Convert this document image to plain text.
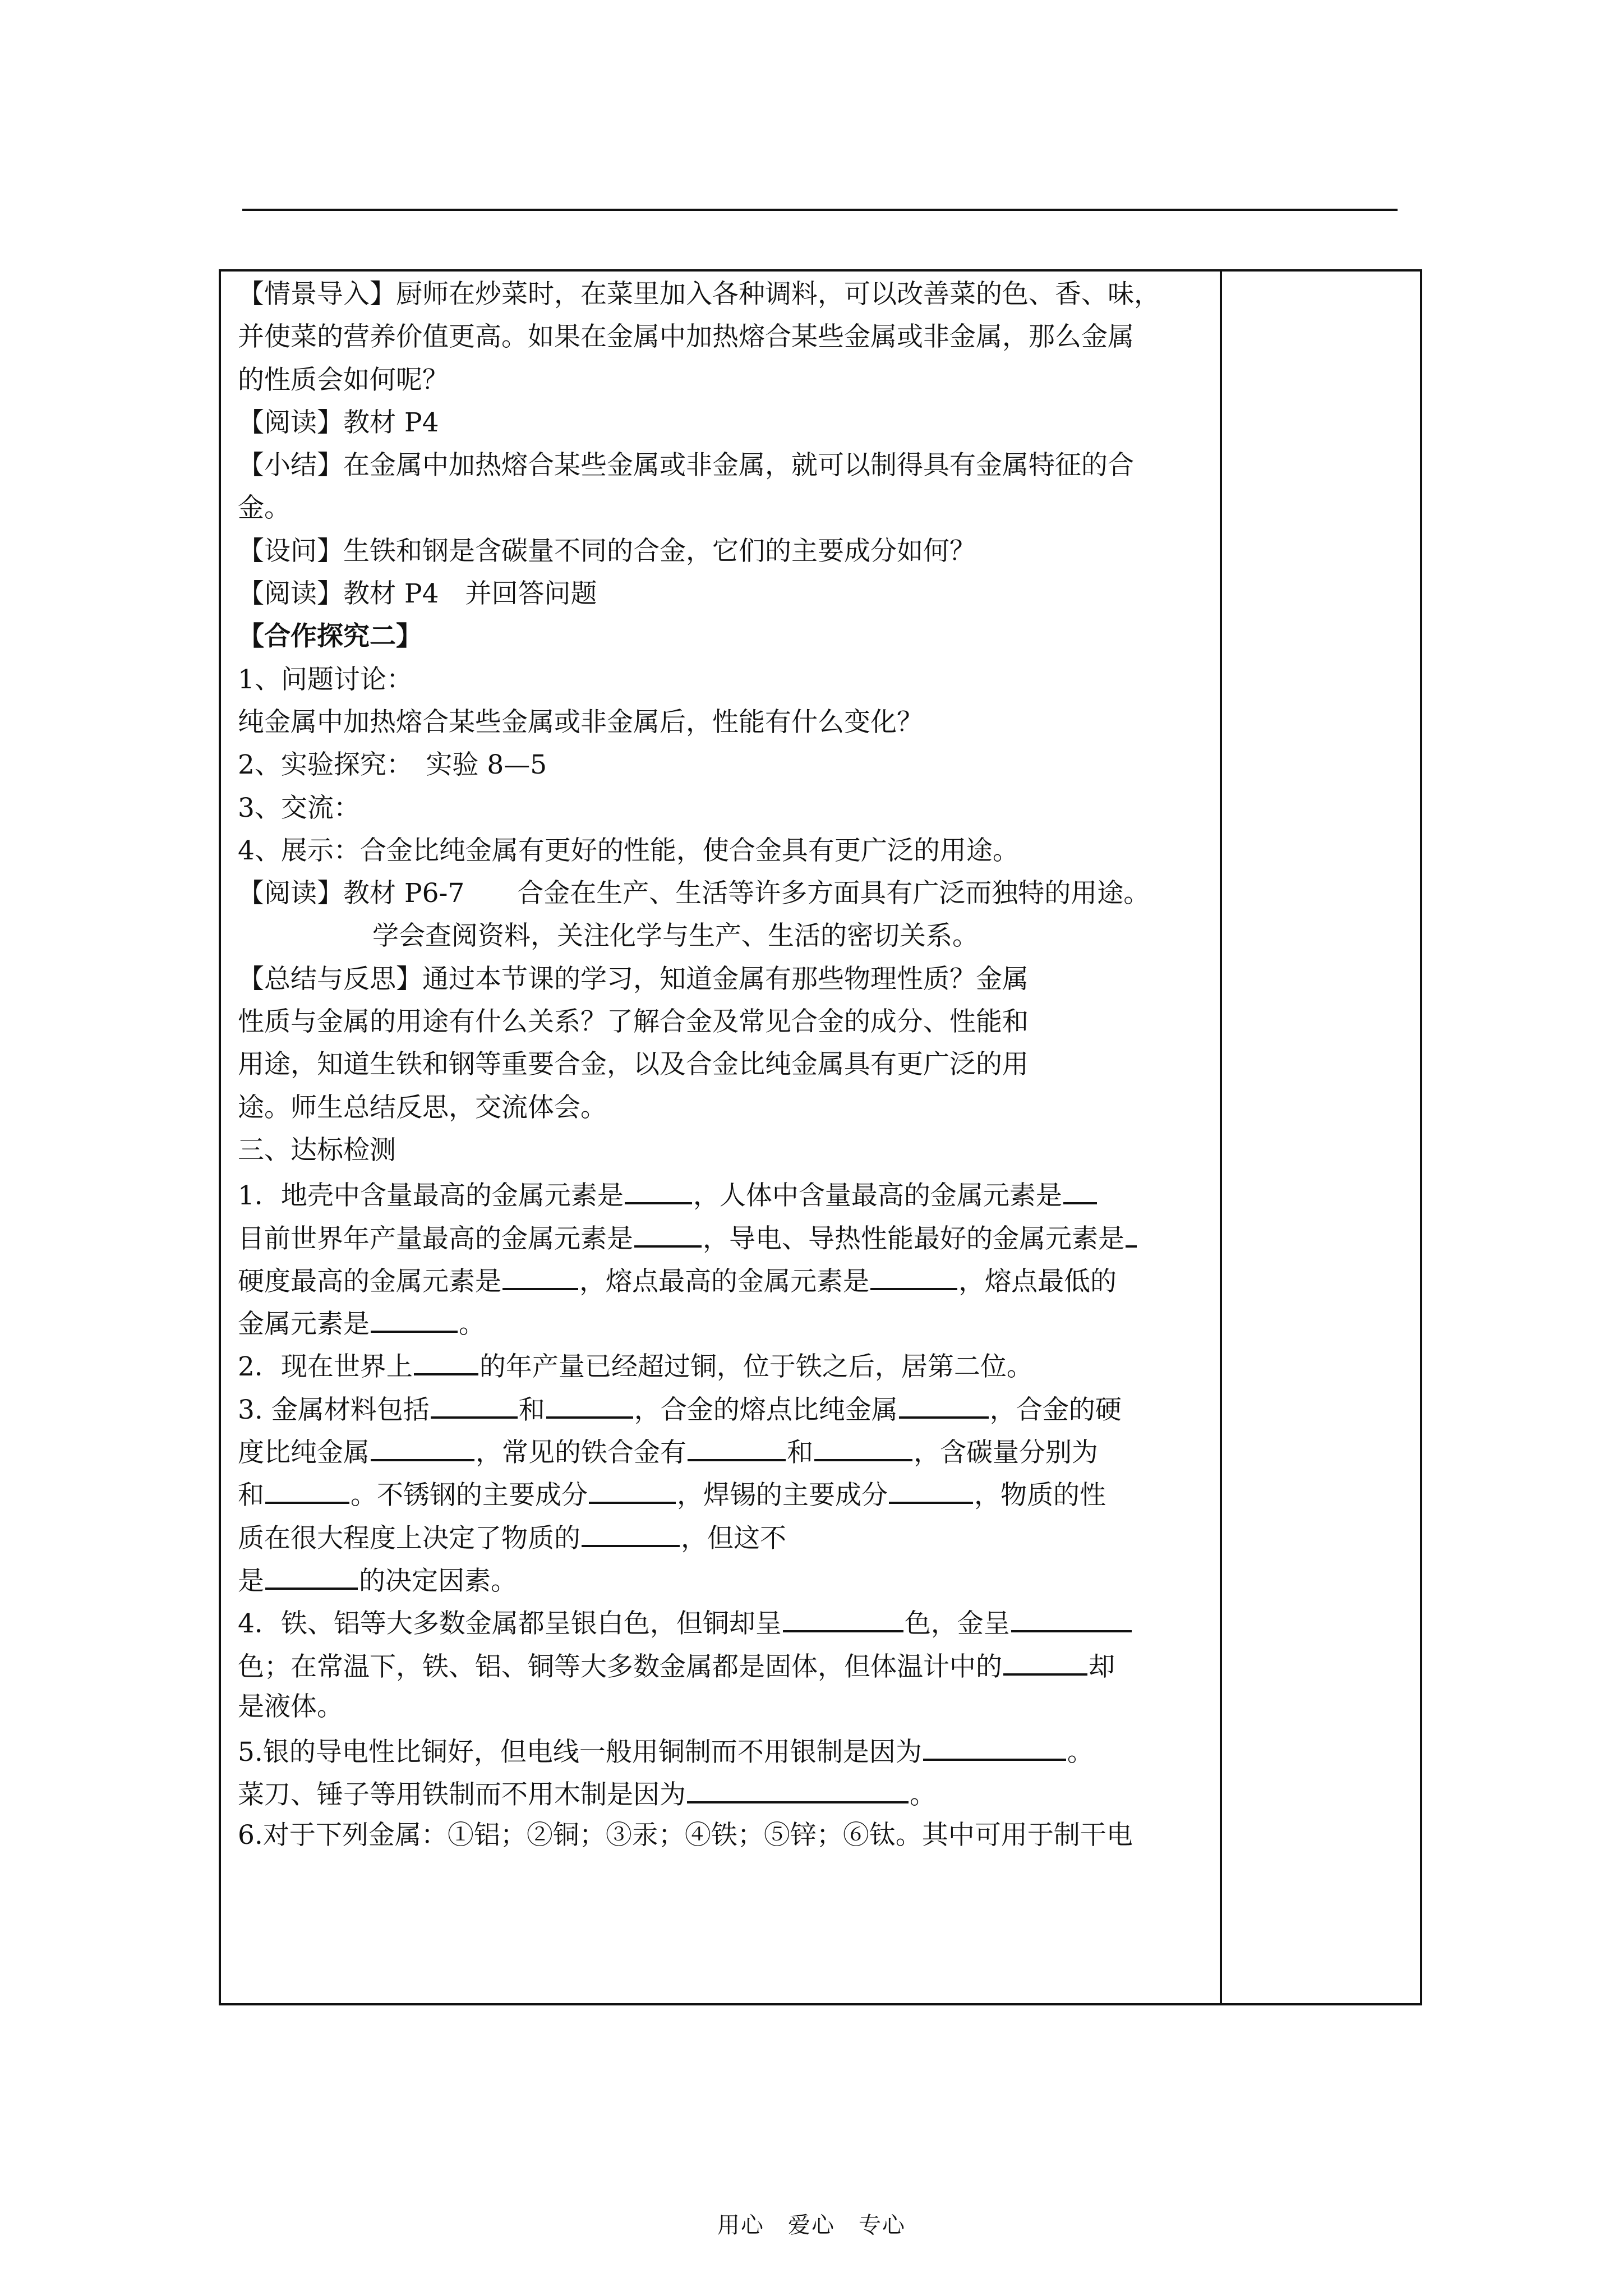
【情景导入】厨师在炒菜时，在菜里加入各种调料，可以改善菜的色、香、味，
并使菜的营养价值更高。如果在金属中加热熔合某些金属或非金属，那么金属
的性质会如何呢？
【阅读】教材 P4
【小结】在金属中加热熔合某些金属或非金属，就可以制得具有金属特征的合
金。
【设问】生铁和钢是含碳量不同的合金，它们的主要成分如何？
【阅读】教材 P4　并回答问题
【合作探究二】
1、问题讨论：
纯金属中加热熔合某些金属或非金属后，性能有什么变化？
2、实验探究：　实验 8—5
3、交流：
4、展示：合金比纯金属有更好的性能，使合金具有更广泛的用途。
【阅读】教材 P6-7　　合金在生产、生活等许多方面具有广泛而独特的用途。
学会查阅资料，关注化学与生产、生活的密切关系。
【总结与反思】通过本节课的学习，知道金属有那些物理性质？金属
性质与金属的用途有什么关系？了解合金及常见合金的成分、性能和
用途，知道生铁和钢等重要合金，以及合金比纯金属具有更广泛的用
途。师生总结反思，交流体会。
三、达标检测
1．地壳中含量最高的金属元素是	，人体中含量最高的金属元素是
目前世界年产量最高的金属元素是	，导电、导热性能最好的金属元素是
硬度最高的金属元素是	，熔点最高的金属元素是	，熔点最低的
金属元素是	。
2．现在世界上	的年产量已经超过铜，位于铁之后，居第二位。
3. 金属材料包括	和	，合金的熔点比纯金属	，合金的硬
度比纯金属	，常见的铁合金有	和	，含碳量分别为
和	。不锈钢的主要成分	，焊锡的主要成分	，物质的性
质在很大程度上决定了物质的	，但这不
是	的决定因素。
4．铁、铝等大多数金属都呈银白色，但铜却呈	色，金呈
色；在常温下，铁、铝、铜等大多数金属都是固体，但体温计中的	却
是液体。
5.银的导电性比铜好，但电线一般用铜制而不用银制是因为	。
菜刀、锤子等用铁制而不用木制是因为	。
6.对于下列金属：①铝；②铜；③汞；④铁；⑤锌；⑥钛。其中可用于制干电
用心　爱心　专心
